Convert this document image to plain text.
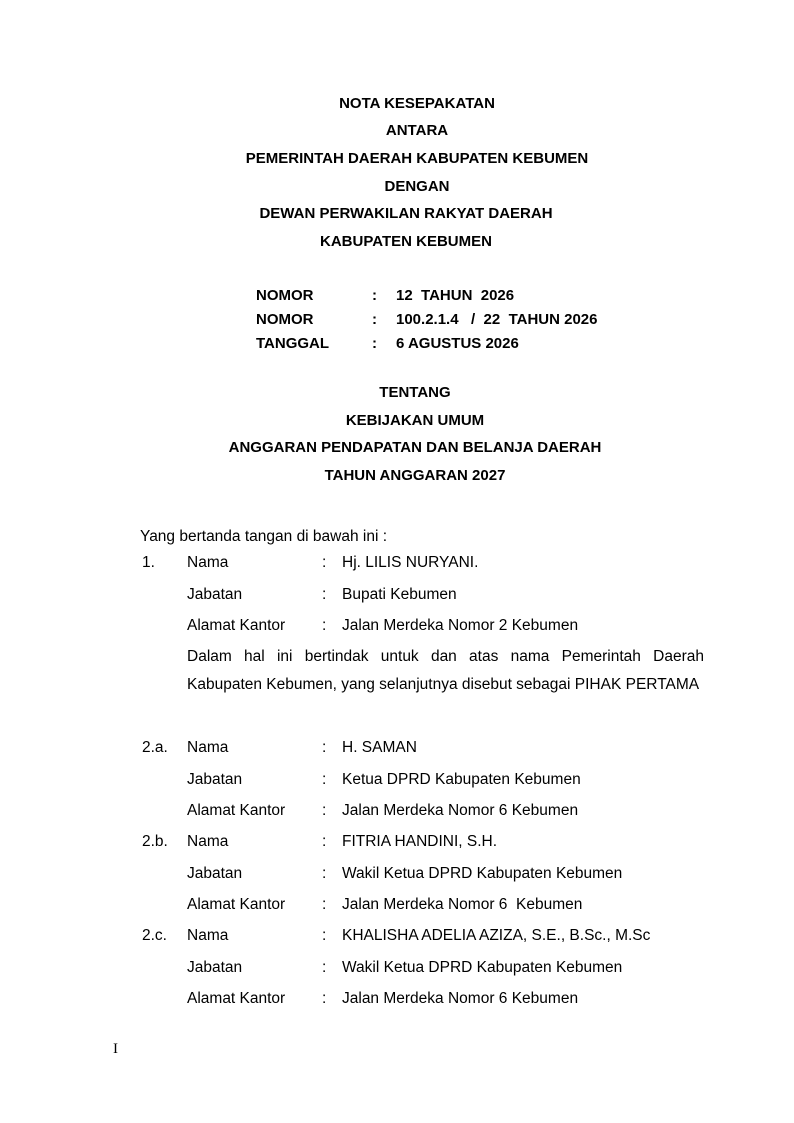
NOTA KESEPAKATAN
ANTARA
PEMERINTAH DAERAH KABUPATEN KEBUMEN
DENGAN
DEWAN PERWAKILAN RAKYAT DAERAH
KABUPATEN KEBUMEN
NOMOR	: 12  TAHUN  2026
NOMOR	: 100.2.1.4   /  22  TAHUN 2026
TANGGAL	: 6 AGUSTUS 2026
TENTANG
KEBIJAKAN UMUM
ANGGARAN PENDAPATAN DAN BELANJA DAERAH
TAHUN ANGGARAN 2027
Yang bertanda tangan di bawah ini :
1. Nama	: Hj. LILIS NURYANI.
Jabatan	: Bupati Kebumen
Alamat Kantor : Jalan Merdeka Nomor 2 Kebumen
Dalam hal ini bertindak untuk dan atas nama Pemerintah Daerah Kabupaten Kebumen, yang selanjutnya disebut sebagai PIHAK PERTAMA
2.a. Nama	: H. SAMAN
Jabatan	: Ketua DPRD Kabupaten Kebumen
Alamat Kantor : Jalan Merdeka Nomor 6 Kebumen
2.b. Nama	: FITRIA HANDINI, S.H.
Jabatan	: Wakil Ketua DPRD Kabupaten Kebumen
Alamat Kantor : Jalan Merdeka Nomor 6  Kebumen
2.c. Nama	: KHALISHA ADELIA AZIZA, S.E., B.Sc., M.Sc
Jabatan	: Wakil Ketua DPRD Kabupaten Kebumen
Alamat Kantor : Jalan Merdeka Nomor 6 Kebumen
I
